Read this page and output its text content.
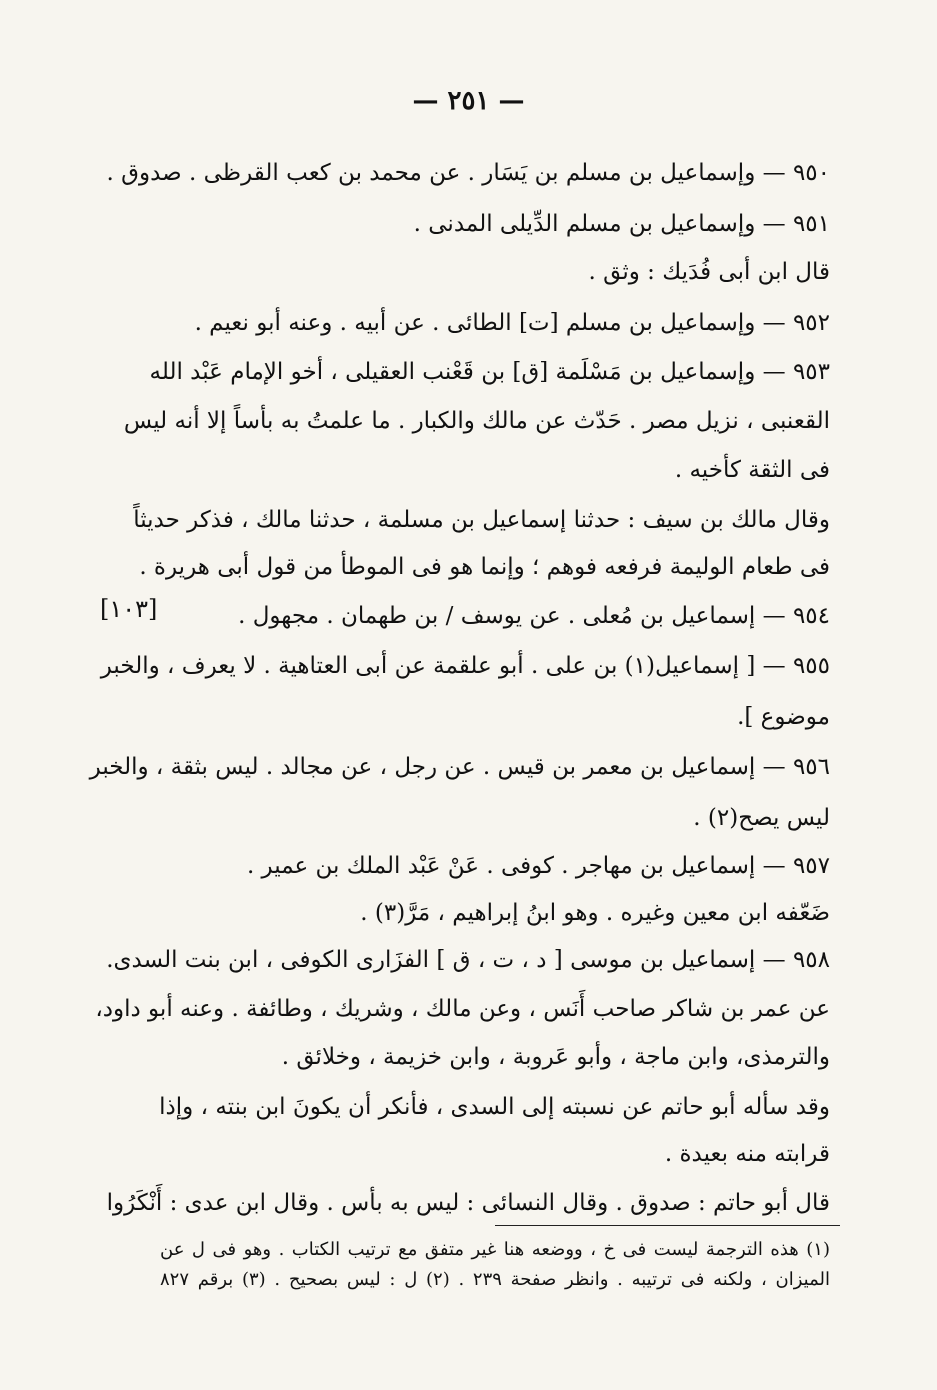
— ٢٥١ —
٩٥٠ — وإسماعيل بن مسلم بن يَسَار . عن محمد بن كعب القرظى . صدوق .
٩٥١ — وإسماعيل بن مسلم الدِّيلى المدنى .
قال ابن أبى فُدَيك : وثق .
٩٥٢ — وإسماعيل بن مسلم [ت] الطائى . عن أبيه . وعنه أبو نعيم .
٩٥٣ — وإسماعيل بن مَسْلَمة [ق] بن قَعْنب العقيلى ، أخو الإمام عَبْد الله
القعنبى ، نزيل مصر . حَدّث عن مالك والكبار . ما علمتُ به بأساً إلا أنه ليس
فى الثقة كأخيه .
وقال مالك بن سيف : حدثنا إسماعيل بن مسلمة ، حدثنا مالك ، فذكر حديثاً
فى طعام الوليمة فرفعه فوهم ؛ وإنما هو فى الموطأ من قول أبى هريرة .
٩٥٤ — إسماعيل بن مُعلى . عن يوسف / بن طهمان . مجهول .
٩٥٥ — [ إسماعيل(١) بن على . أبو علقمة عن أبى العتاهية . لا يعرف ، والخبر
موضوع ].
٩٥٦ — إسماعيل بن معمر بن قيس . عن رجل ، عن مجالد . ليس بثقة ، والخبر
ليس يصح(٢) .
٩٥٧ — إسماعيل بن مهاجر . كوفى . عَنْ عَبْد الملك بن عمير .
ضَعّفه ابن معين وغيره . وهو ابنُ إبراهيم ، مَرَّ(٣) .
٩٥٨ — إسماعيل بن موسى [ د ، ت ، ق ] الفزَارى الكوفى ، ابن بنت السدى.
عن عمر بن شاكر صاحب أَنَس ، وعن مالك ، وشريك ، وطائفة . وعنه أبو داود،
والترمذى، وابن ماجة ، وأبو عَروبة ، وابن خزيمة ، وخلائق .
وقد سأله أبو حاتم عن نسبته إلى السدى ، فأنكر أن يكونَ ابن بنته ، وإذا
قرابته منه بعيدة .
قال أبو حاتم : صدوق . وقال النسائى : ليس به بأس . وقال ابن عدى : أَنْكَرُوا
[١٠٣]
(١) هذه الترجمة ليست فى خ ، ووضعه هنا غير متفق مع ترتيب الكتاب . وهو فى ل عن
الميزان ، ولكنه فى ترتيبه . وانظر صفحة ٢٣٩ . (٢) ل : ليس بصحيح . (٣) برقم ٨٢٧
